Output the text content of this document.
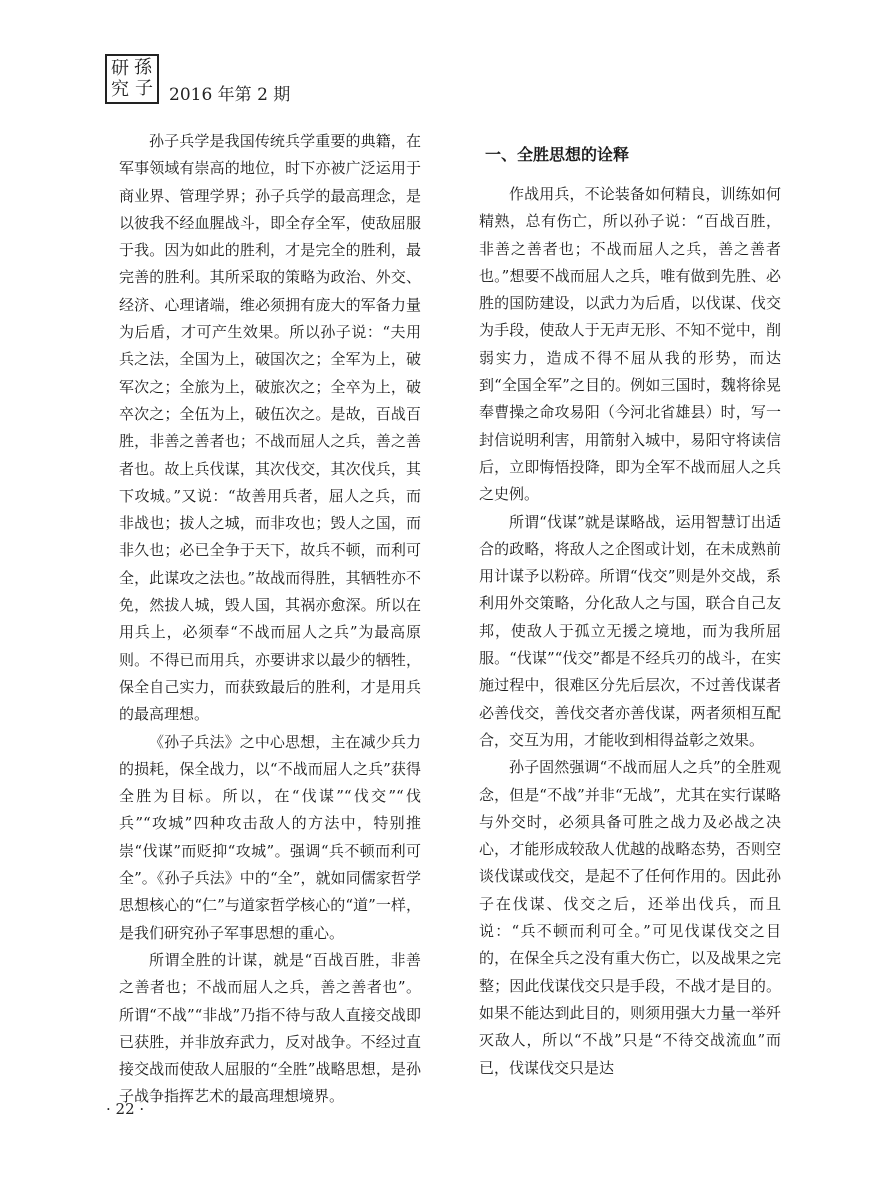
研 孫
究 子 2016 年第 2 期

孙子兵学是我国传统兵学重要的典籍，在军事领域有崇高的地位，时下亦被广泛运用于商业界、管理学界；孙子兵学的最高理念，是以彼我不经血腥战斗，即全存全军，使敌屈服于我。因为如此的胜利，才是完全的胜利，最完善的胜利。其所采取的策略为政治、外交、经济、心理诸端，维必须拥有庞大的军备力量为后盾，才可产生效果。所以孙子说：“夫用兵之法，全国为上，破国次之；全军为上，破军次之；全旅为上，破旅次之；全卒为上，破卒次之；全伍为上，破伍次之。是故，百战百胜，非善之善者也；不战而屈人之兵，善之善者也。故上兵伐谋，其次伐交，其次伐兵，其下攻城。”又说：“故善用兵者，屈人之兵，而非战也；拔人之城，而非攻也；毁人之国，而非久也；必已全争于天下，故兵不顿，而利可全，此谋攻之法也。”故战而得胜，其牺牲亦不免，然拔人城，毁人国，其祸亦愈深。所以在用兵上，必须奉“不战而屈人之兵”为最高原则。不得已而用兵，亦要讲求以最少的牺牲，保全自己实力，而获致最后的胜利，才是用兵的最高理想。

《孙子兵法》之中心思想，主在减少兵力的损耗，保全战力，以“不战而屈人之兵”获得全胜为目标。所以，在“伐谋”“伐交”“伐兵”“攻城”四种攻击敌人的方法中，特别推崇“伐谋”而贬抑“攻城”。强调“兵不顿而利可全”。《孙子兵法》中的“全”，就如同儒家哲学思想核心的“仁”与道家哲学核心的“道”一样，是我们研究孙子军事思想的重心。

所谓全胜的计谋，就是“百战百胜，非善之善者也；不战而屈人之兵，善之善者也”。所谓“不战”“非战”乃指不待与敌人直接交战即已获胜，并非放弃武力，反对战争。不经过直接交战而使敌人屈服的“全胜”战略思想，是孙子战争指挥艺术的最高理想境界。

一、全胜思想的诠释

作战用兵，不论装备如何精良，训练如何精熟，总有伤亡，所以孙子说：“百战百胜，非善之善者也；不战而屈人之兵，善之善者也。”想要不战而屈人之兵，唯有做到先胜、必胜的国防建设，以武力为后盾，以伐谋、伐交为手段，使敌人于无声无形、不知不觉中，削弱实力，造成不得不屈从我的形势，而达到“全国全军”之目的。例如三国时，魏将徐晃奉曹操之命攻易阳（今河北省雄县）时，写一封信说明利害，用箭射入城中，易阳守将读信后，立即悔悟投降，即为全军不战而屈人之兵之史例。

所谓“伐谋”就是谋略战，运用智慧订出适合的政略，将敌人之企图或计划，在未成熟前用计谋予以粉碎。所谓“伐交”则是外交战，系利用外交策略，分化敌人之与国，联合自己友邦，使敌人于孤立无援之境地，而为我所屈服。“伐谋”“伐交”都是不经兵刃的战斗，在实施过程中，很难区分先后层次，不过善伐谋者必善伐交，善伐交者亦善伐谋，两者须相互配合，交互为用，才能收到相得益彰之效果。

孙子固然强调“不战而屈人之兵”的全胜观念，但是“不战”并非“无战”，尤其在实行谋略与外交时，必须具备可胜之战力及必战之决心，才能形成较敌人优越的战略态势，否则空谈伐谋或伐交，是起不了任何作用的。因此孙子在伐谋、伐交之后，还举出伐兵，而且说：“兵不顿而利可全。”可见伐谋伐交之目的，在保全兵之没有重大伤亡，以及战果之完整；因此伐谋伐交只是手段，不战才是目的。如果不能达到此目的，则须用强大力量一举歼灭敌人，所以“不战”只是“不待交战流血”而已，伐谋伐交只是达

· 22 ·
